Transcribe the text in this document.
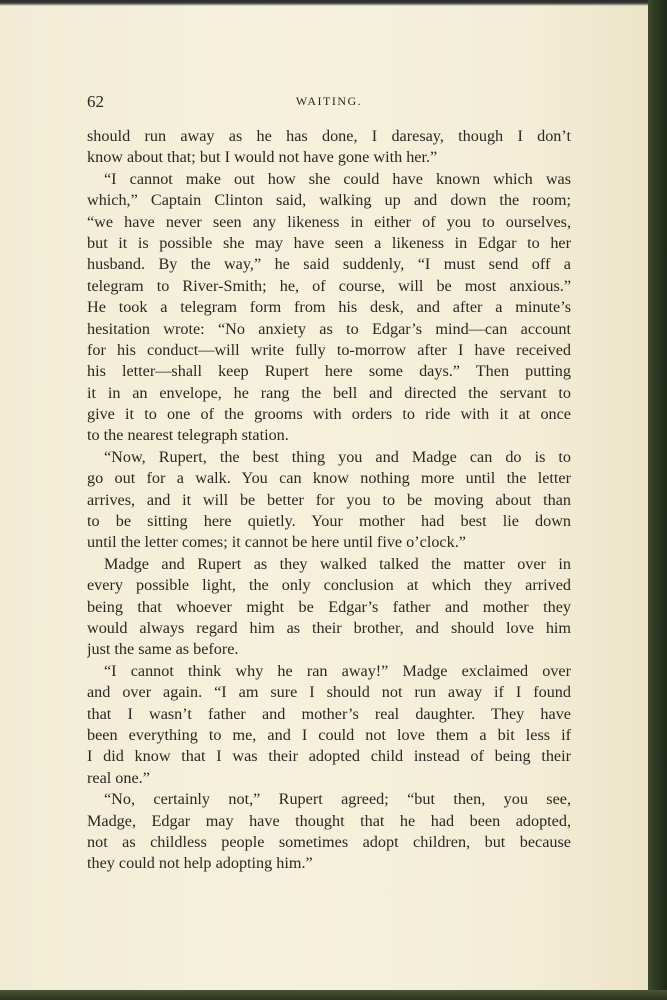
62	WAITING.
should run away as he has done, I daresay, though I don’t
know about that; but I would not have gone with her.”
“I cannot make out how she could have known which was
which,” Captain Clinton said, walking up and down the room;
“we have never seen any likeness in either of you to ourselves,
but it is possible she may have seen a likeness in Edgar to her
husband. By the way,” he said suddenly, “I must send off a
telegram to River-Smith; he, of course, will be most anxious.”
He took a telegram form from his desk, and after a minute’s
hesitation wrote: “No anxiety as to Edgar’s mind—can account
for his conduct—will write fully to-morrow after I have received
his letter—shall keep Rupert here some days.” Then putting
it in an envelope, he rang the bell and directed the servant to
give it to one of the grooms with orders to ride with it at once
to the nearest telegraph station.
“Now, Rupert, the best thing you and Madge can do is to
go out for a walk. You can know nothing more until the letter
arrives, and it will be better for you to be moving about than
to be sitting here quietly. Your mother had best lie down
until the letter comes; it cannot be here until five o’clock.”
Madge and Rupert as they walked talked the matter over in
every possible light, the only conclusion at which they arrived
being that whoever might be Edgar’s father and mother they
would always regard him as their brother, and should love him
just the same as before.
“I cannot think why he ran away!” Madge exclaimed over
and over again. “I am sure I should not run away if I found
that I wasn’t father and mother’s real daughter. They have
been everything to me, and I could not love them a bit less if
I did know that I was their adopted child instead of being their
real one.”
“No, certainly not,” Rupert agreed; “but then, you see,
Madge, Edgar may have thought that he had been adopted,
not as childless people sometimes adopt children, but because
they could not help adopting him.”
